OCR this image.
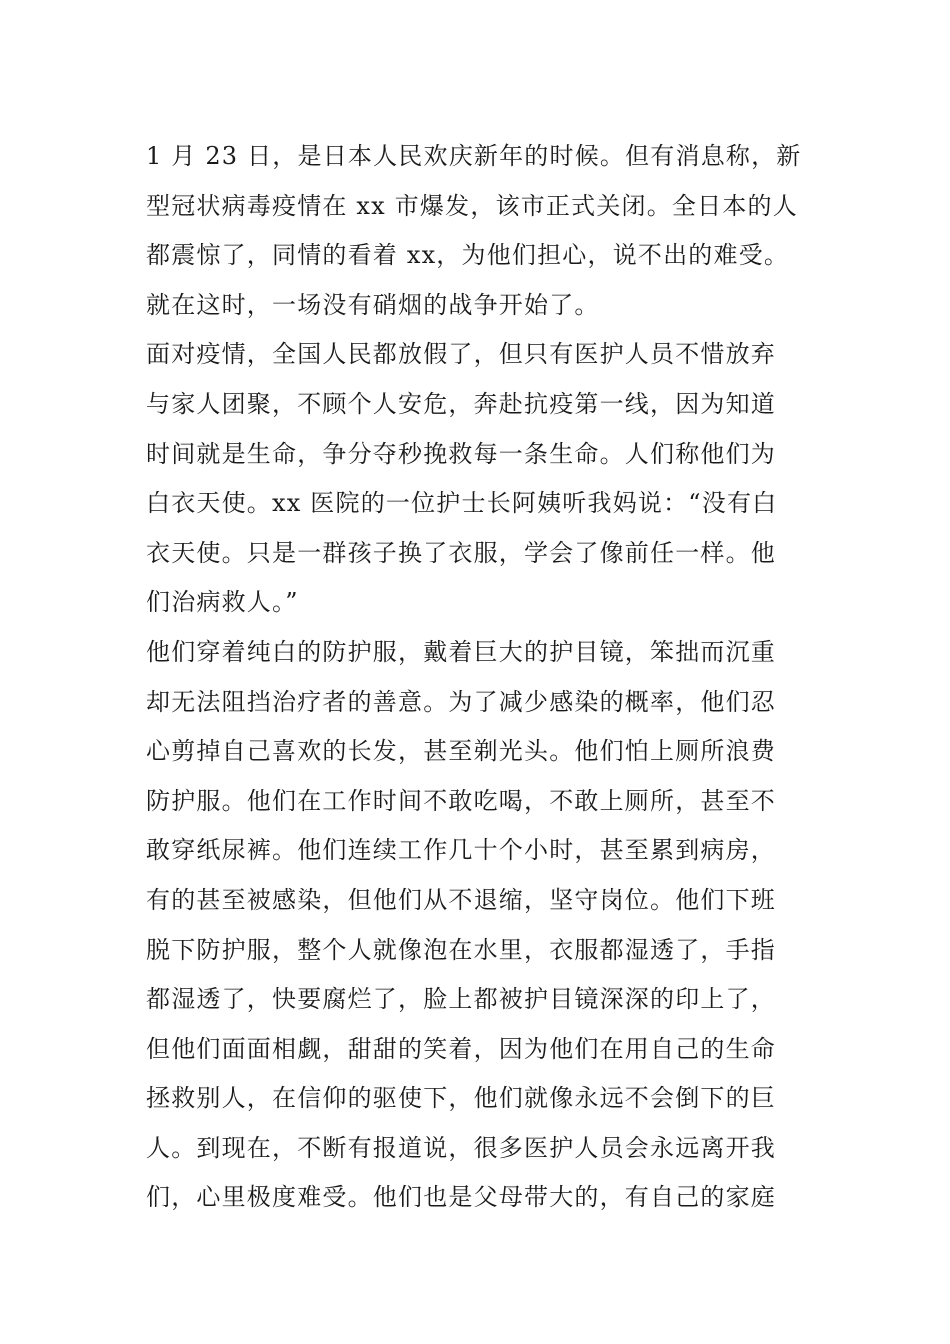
1 月 23 日，是日本人民欢庆新年的时候。但有消息称，新
型冠状病毒疫情在 xx 市爆发，该市正式关闭。全日本的人
都震惊了，同情的看着 xx，为他们担心，说不出的难受。
就在这时，一场没有硝烟的战争开始了。
面对疫情，全国人民都放假了，但只有医护人员不惜放弃
与家人团聚，不顾个人安危，奔赴抗疫第一线，因为知道
时间就是生命，争分夺秒挽救每一条生命。人们称他们为
白衣天使。xx 医院的一位护士长阿姨听我妈说：“没有白
衣天使。只是一群孩子换了衣服，学会了像前任一样。他
们治病救人。”
他们穿着纯白的防护服，戴着巨大的护目镜，笨拙而沉重
却无法阻挡治疗者的善意。为了减少感染的概率，他们忍
心剪掉自己喜欢的长发，甚至剃光头。他们怕上厕所浪费
防护服。他们在工作时间不敢吃喝，不敢上厕所，甚至不
敢穿纸尿裤。他们连续工作几十个小时，甚至累到病房，
有的甚至被感染，但他们从不退缩，坚守岗位。他们下班
脱下防护服，整个人就像泡在水里，衣服都湿透了，手指
都湿透了，快要腐烂了，脸上都被护目镜深深的印上了，
但他们面面相觑，甜甜的笑着，因为他们在用自己的生命
拯救别人，在信仰的驱使下，他们就像永远不会倒下的巨
人。到现在，不断有报道说，很多医护人员会永远离开我
们，心里极度难受。他们也是父母带大的，有自己的家庭
